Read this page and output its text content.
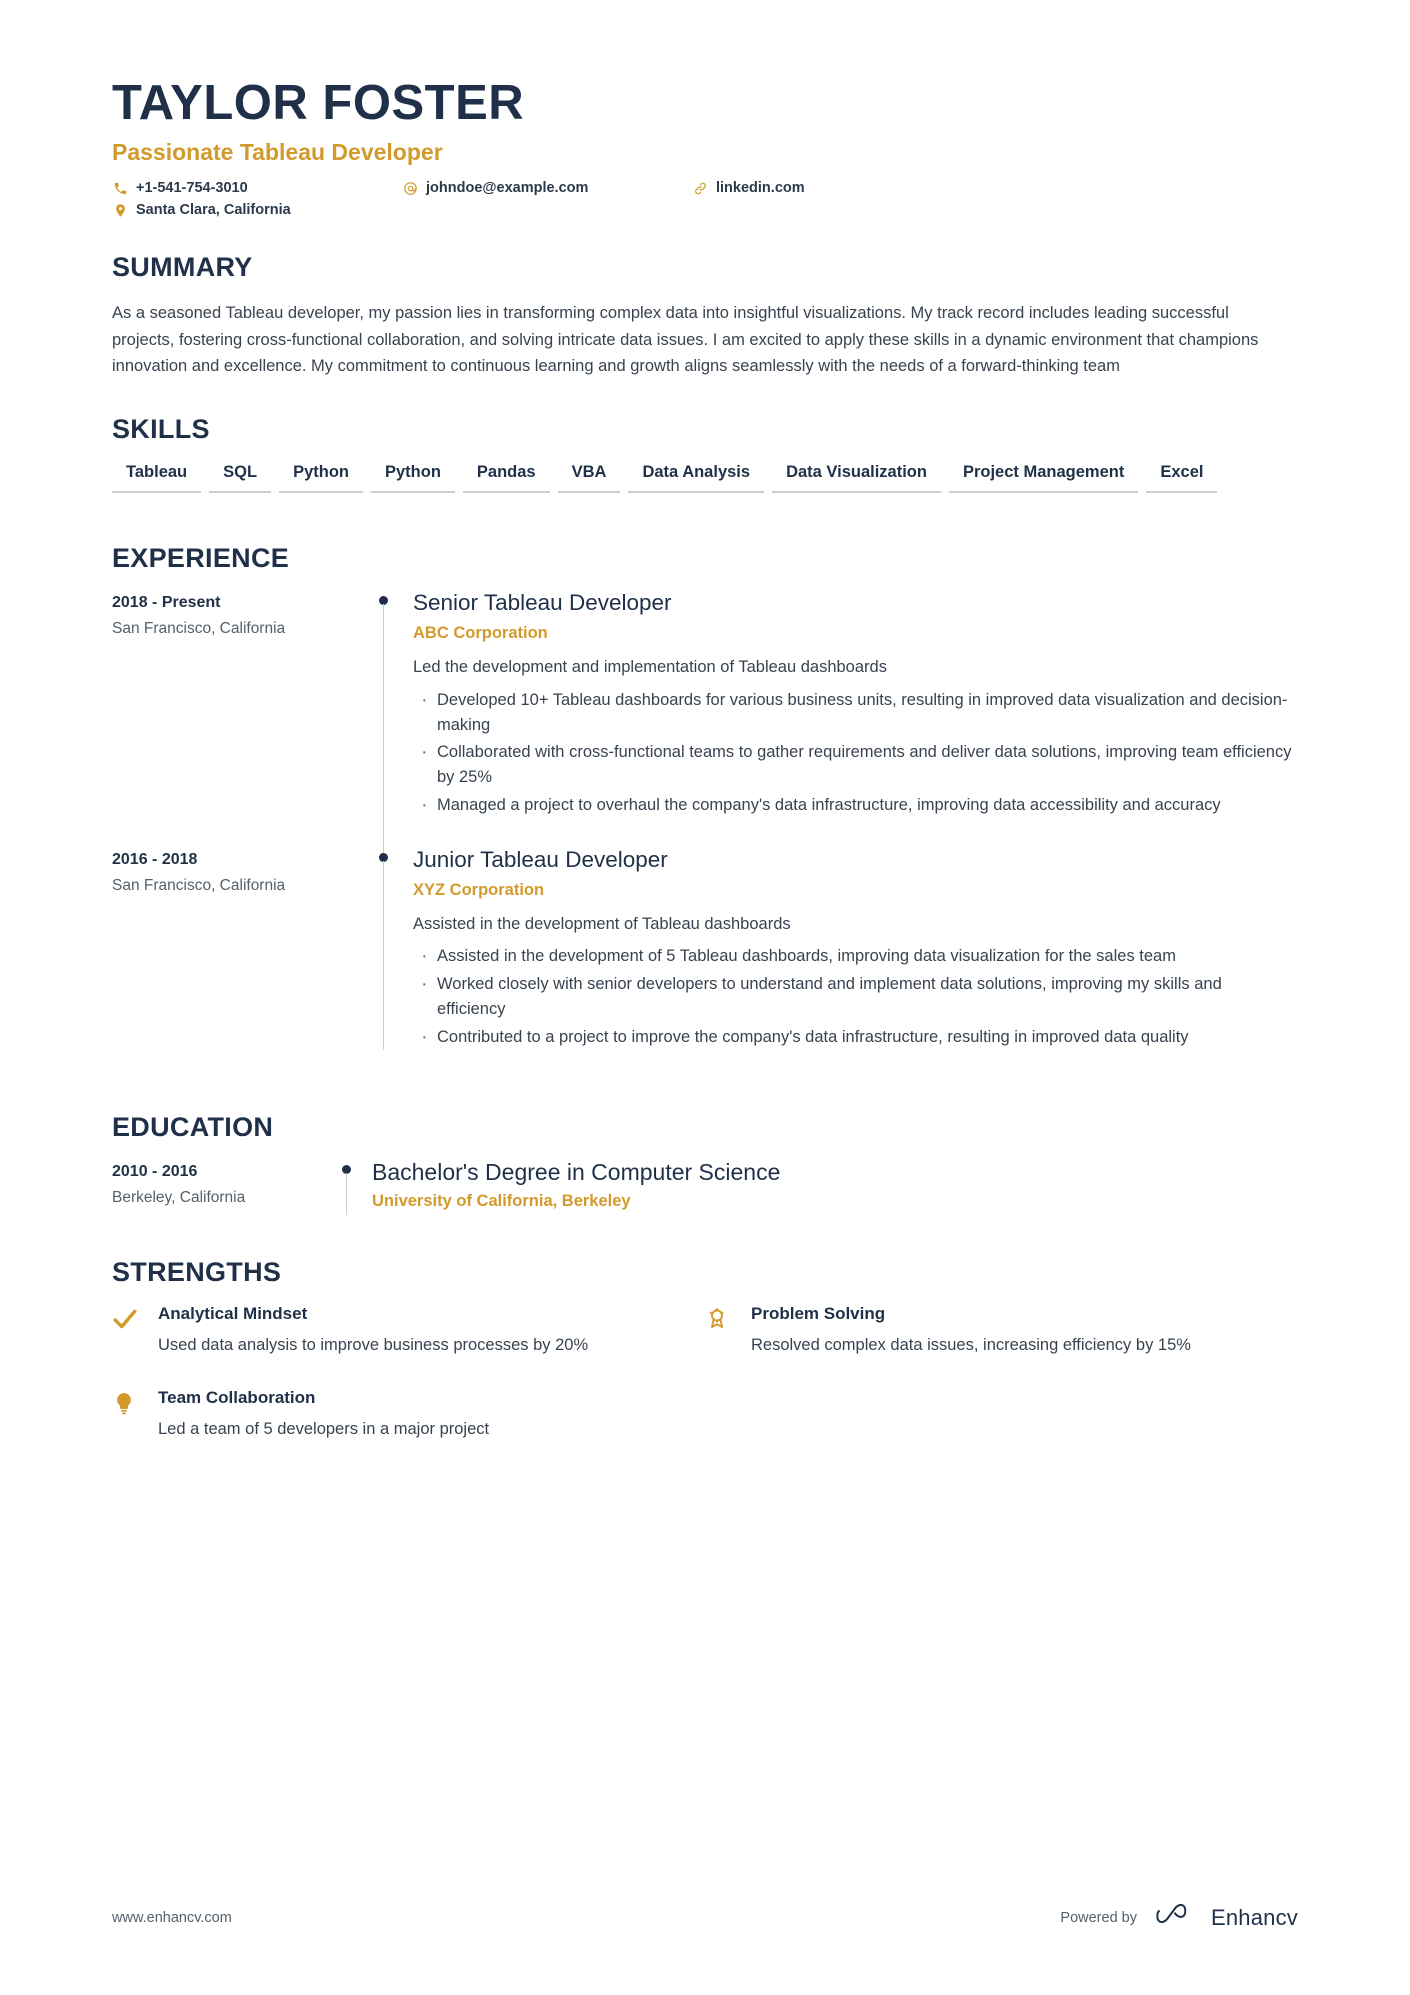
TAYLOR FOSTER
Passionate Tableau Developer
+1-541-754-3010	johndoe@example.com	linkedin.com
Santa Clara, California
SUMMARY

As a seasoned Tableau developer, my passion lies in transforming complex data into insightful visualizations. My track record includes leading successful projects, fostering cross-functional collaboration, and solving intricate data issues. I am excited to apply these skills in a dynamic environment that champions innovation and excellence. My commitment to continuous learning and growth aligns seamlessly with the needs of a forward-thinking team

SKILLS
Tableau	SQL	Python	Python	Pandas	VBA	Data Analysis	Data Visualization	Project Management	Excel
EXPERIENCE
2018 - Present
San Francisco, California
Senior Tableau Developer
ABC Corporation
Led the development and implementation of Tableau dashboards
· Developed 10+ Tableau dashboards for various business units, resulting in improved data visualization and decision-making
· Collaborated with cross-functional teams to gather requirements and deliver data solutions, improving team efficiency by 25%
· Managed a project to overhaul the company's data infrastructure, improving data accessibility and accuracy
2016 - 2018
San Francisco, California
Junior Tableau Developer
XYZ Corporation
Assisted in the development of Tableau dashboards
· Assisted in the development of 5 Tableau dashboards, improving data visualization for the sales team
· Worked closely with senior developers to understand and implement data solutions, improving my skills and efficiency
· Contributed to a project to improve the company's data infrastructure, resulting in improved data quality
EDUCATION
2010 - 2016
Berkeley, California
Bachelor's Degree in Computer Science
University of California, Berkeley
STRENGTHS
Analytical Mindset
Used data analysis to improve business processes by 20%
Problem Solving
Resolved complex data issues, increasing efficiency by 15%
Team Collaboration
Led a team of 5 developers in a major project
www.enhancv.com	Powered by	Enhancv
